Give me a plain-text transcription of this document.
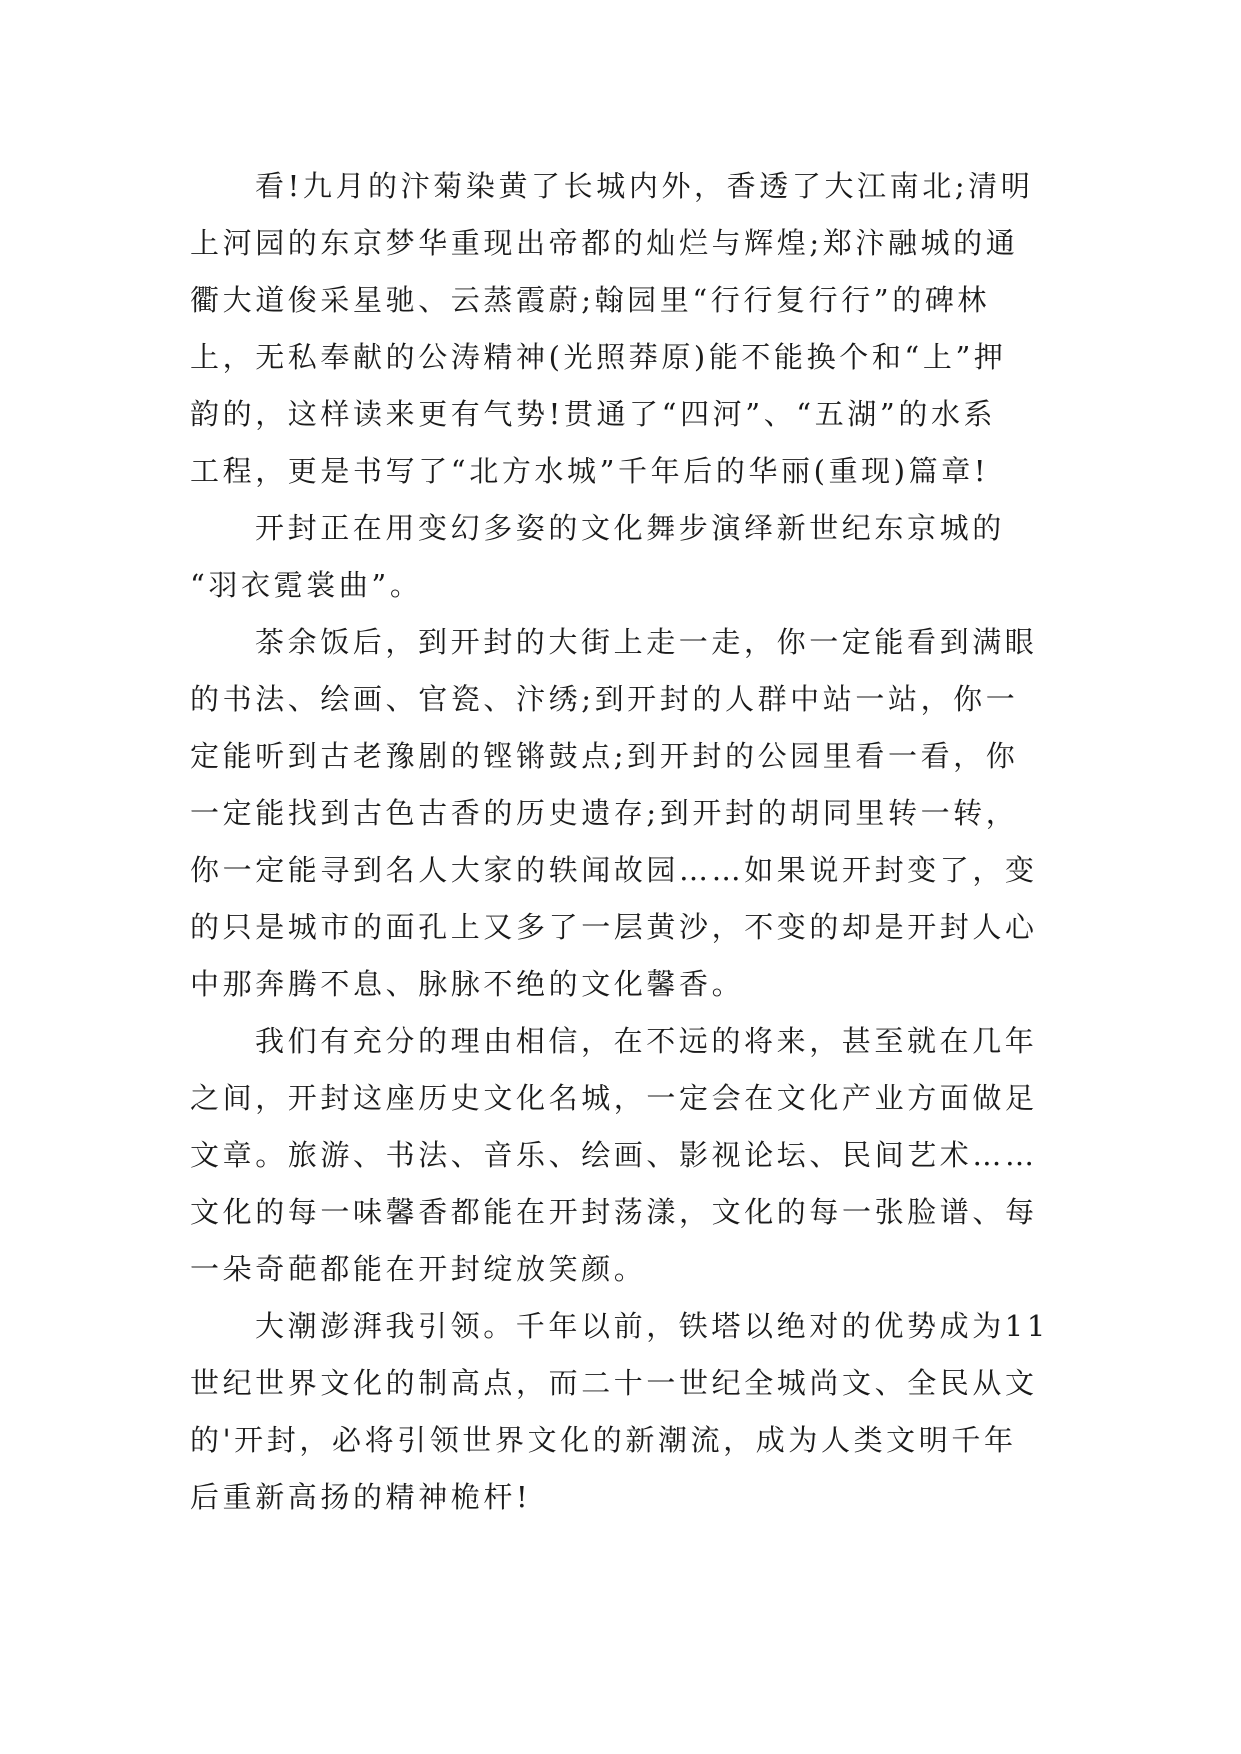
看!九月的汴菊染黄了长城内外，香透了大江南北;清明
上河园的东京梦华重现出帝都的灿烂与辉煌;郑汴融城的通
衢大道俊采星驰、云蒸霞蔚;翰园里“行行复行行”的碑林
上，无私奉献的公涛精神(光照莽原)能不能换个和“上”押
韵的，这样读来更有气势!贯通了“四河”、“五湖”的水系
工程，更是书写了“北方水城”千年后的华丽(重现)篇章!
开封正在用变幻多姿的文化舞步演绎新世纪东京城的
“羽衣霓裳曲”。
茶余饭后，到开封的大街上走一走，你一定能看到满眼
的书法、绘画、官瓷、汴绣;到开封的人群中站一站，你一
定能听到古老豫剧的铿锵鼓点;到开封的公园里看一看，你
一定能找到古色古香的历史遗存;到开封的胡同里转一转，
你一定能寻到名人大家的轶闻故园……如果说开封变了，变
的只是城市的面孔上又多了一层黄沙，不变的却是开封人心
中那奔腾不息、脉脉不绝的文化馨香。
我们有充分的理由相信，在不远的将来，甚至就在几年
之间，开封这座历史文化名城，一定会在文化产业方面做足
文章。旅游、书法、音乐、绘画、影视论坛、民间艺术……
文化的每一味馨香都能在开封荡漾，文化的每一张脸谱、每
一朵奇葩都能在开封绽放笑颜。
大潮澎湃我引领。千年以前，铁塔以绝对的优势成为11
世纪世界文化的制高点，而二十一世纪全城尚文、全民从文
的'开封，必将引领世界文化的新潮流，成为人类文明千年
后重新高扬的精神桅杆!
